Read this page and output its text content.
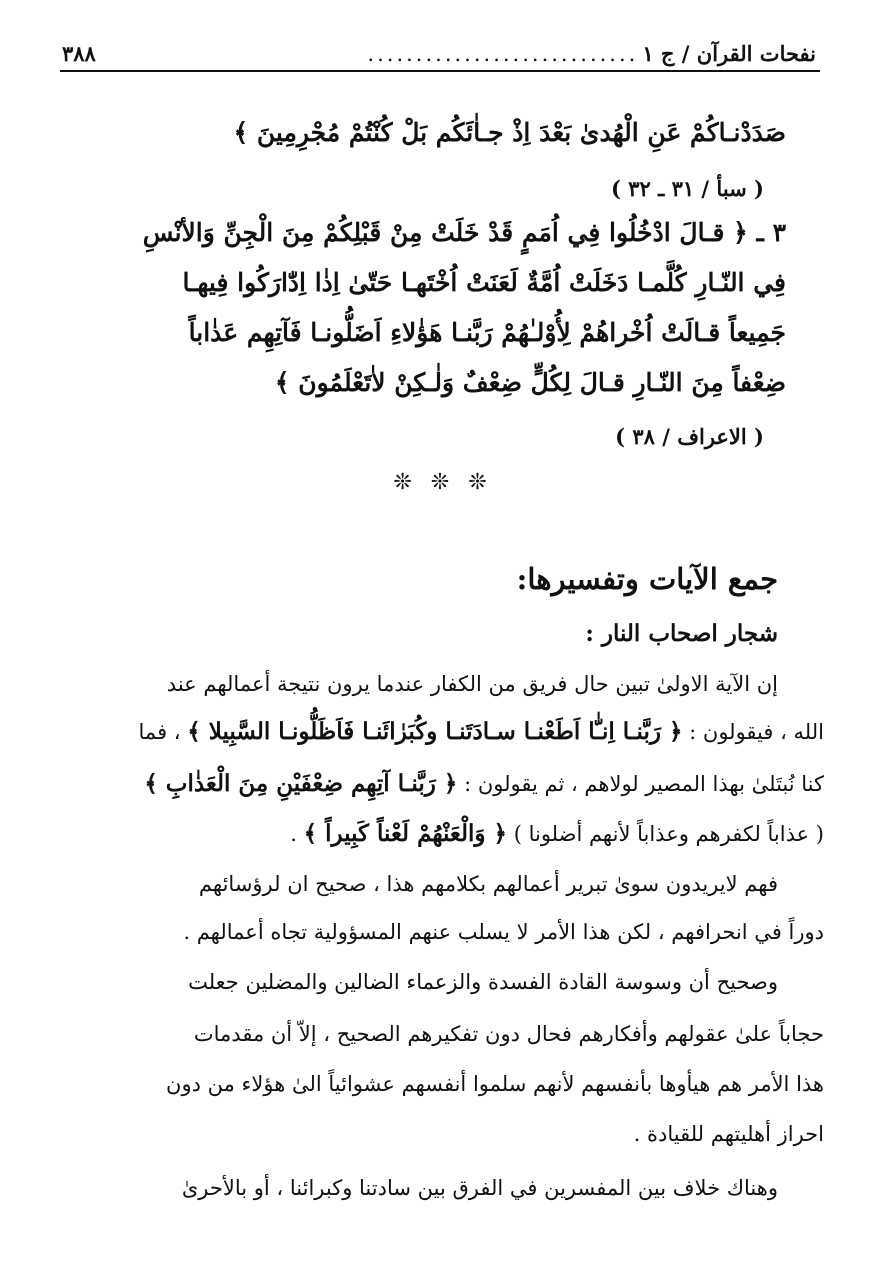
نفحات القرآن / ج ١
............................
٣٨٨
صَدَدْنـاكُمْ عَنِ الْهُدىٰ بَعْدَ اِذْ جـاٰئَكُم بَلْ كُنْتُمْ مُجْرِمِينَ ﴾
( سبأ / ٣١ ـ ٣٢ )
٣ ـ ﴿ قـالَ ادْخُلُوا فِي اُمَمٍ قَدْ خَلَتْ مِنْ قَبْلِكُمْ مِنَ الْجِنِّ وَالأنْسِ
فِي النّـارِ كُلَّمـا دَخَلَتْ اُمَّةٌ لَعَنَتْ اُخْتَهـا حَتّىٰ اِذٰا اِدّٰارَكُوا فِيهـا
جَمِيعاً قـالَتْ اُخْراهُمْ لِأُوْلـٰهُمْ رَبَّنـا هَؤٰلاءِ اَضَلُّونـا فَآتِهِم عَذٰاباً
ضِعْفاً مِنَ النّـارِ قـالَ لِكُلٍّ ضِعْفٌ وَلٰـكِنْ لاٰتَعْلَمُونَ ﴾
( الاعراف / ٣٨ )
❊ ❊ ❊
جمع الآيات وتفسيرها:
شجار اصحاب النار :
إن الآية الاولىٰ تبين حال فريق من الكفار عندما يرون نتيجة أعمالهم عند
الله ، فيقولون : ﴿ رَبَّنـا اِنـّٰا اَطَعْنـا سـادَتَنـا وكُبَرٰائَنـا فَاَظَلُّونـا السَّبِيلا ﴾ ، فما
كنا نُبتَلىٰ بهذا المصير لولاهم ، ثم يقولون : ﴿ رَبَّنـا آتِهِم ضِعْفَيْنِ مِنَ الْعَذٰابِ ﴾
( عذاباً لكفرهم وعذاباً لأنهم أضلونا ) ﴿ وَالْعَنْهُمْ لَعْناً كَبِيراً ﴾ .
فهم لايريدون سوىٰ تبرير أعمالهم بكلامهم هذا ، صحيح ان لرؤسائهم
دوراً في انحرافهم ، لكن هذا الأمر لا يسلب عنهم المسؤولية تجاه أعمالهم .
وصحيح أن وسوسة القادة الفسدة والزعماء الضالين والمضلين جعلت
حجاباً علىٰ عقولهم وأفكارهم فحال دون تفكيرهم الصحيح ، إلاّ أن مقدمات
هذا الأمر هم هيأوها بأنفسهم لأنهم سلموا أنفسهم عشوائياً الىٰ هؤلاء من دون
احراز أهليتهم للقيادة .
وهناك خلاف بين المفسرين في الفرق بين سادتنا وكبرائنا ، أو بالأحرىٰ
